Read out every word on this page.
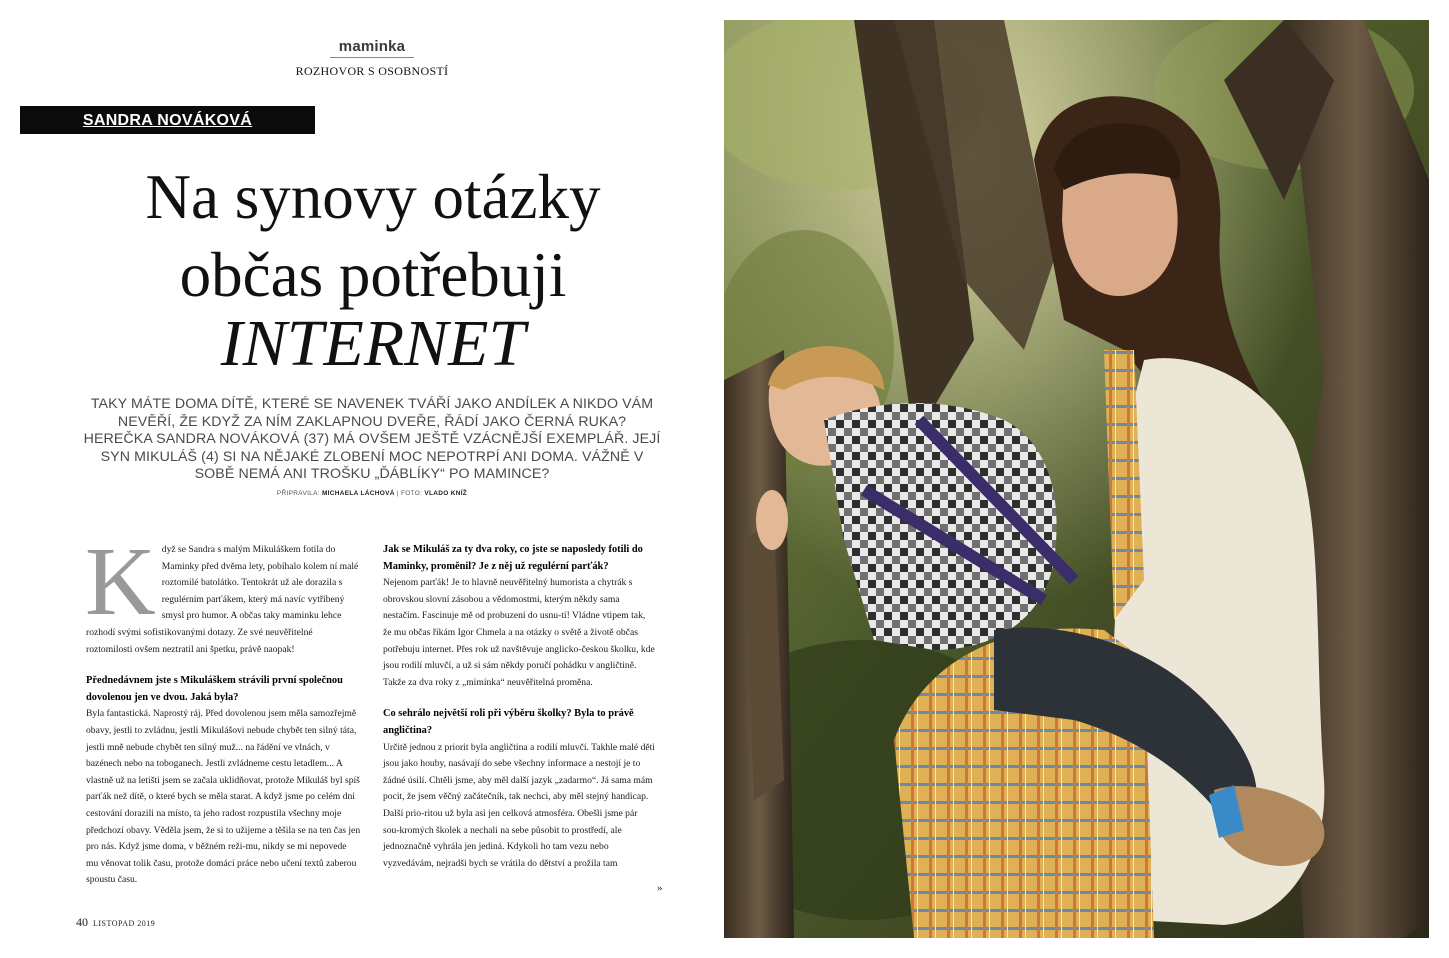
maminka
ROZHOVOR S OSOBNOSTÍ
SANDRA NOVÁKOVÁ
Na synovy otázky
občas potřebuji
INTERNET
TAKY MÁTE DOMA DÍTĚ, KTERÉ SE NAVENEK TVÁŘÍ JAKO ANDÍLEK A NIKDO VÁM NEVĚŘÍ, ŽE KDYŽ ZA NÍM ZAKLAPNOU DVEŘE, ŘÁDÍ JAKO ČERNÁ RUKA? HEREČKA SANDRA NOVÁKOVÁ (37) MÁ OVŠEM JEŠTĚ VZÁCNĚJŠÍ EXEMPLÁŘ. JEJÍ SYN MIKULÁŠ (4) SI NA NĚJAKÉ ZLOBENÍ MOC NEPOTRPÍ ANI DOMA. VÁŽNĚ V SOBĚ NEMÁ ANI TROŠKU „ĎÁBLÍKY“ PO MAMINCE?
PŘIPRAVILA: MICHAELA LÁCHOVÁ | FOTO: VLADO KNÍŽ

Když se Sandra s malým Mikuláškem fotila do Maminky před dvěma lety, pobíhalo kolem ní malé roztomilé batolátko. Tentokrát už ale dorazila s regulérním parťákem, který má navíc vytříbený smysl pro humor. A občas taky maminku lehce rozhodí svými sofistikovanými dotazy. Ze své neuvěřitelné roztomilosti ovšem neztratil ani špetku, právě naopak!

Přednedávnem jste s Mikuláškem strávili první společnou dovolenou jen ve dvou. Jaká byla?

Byla fantastická. Naprostý ráj. Před dovolenou jsem měla samozřejmě obavy, jestli to zvládnu, jestli Mikulášovi nebude chybět ten silný táta, jestli mně nebude chybět ten silný muž... na řádění ve vlnách, v bazénech nebo na toboganech. Jestli zvládneme cestu letadlem... A vlastně už na letišti jsem se začala uklidňovat, protože Mikuláš byl spíš parťák než dítě, o které bych se měla starat. A když jsme po celém dni cestování dorazili na místo, ta jeho radost rozpustila všechny moje předchozí obavy. Věděla jsem, že si to užijeme a těšila se na ten čas jen pro nás. Když jsme doma, v běžném reži-mu, nikdy se mi nepovede mu věnovat tolik času, protože domácí práce nebo učení textů zaberou spoustu času.

Jak se Mikuláš za ty dva roky, co jste se naposledy fotili do Maminky, proměnil? Je z něj už regulérní parťák?

Nejenom parťák! Je to hlavně neuvěřitelný humorista a chytrák s obrovskou slovní zásobou a vědomostmi, kterým někdy sama nestačím. Fascinuje mě od probuzení do usnu-tí! Vládne vtipem tak, že mu občas říkám Igor Chmela a na otázky o světě a životě občas potřebuju internet. Přes rok už navštěvuje anglicko-českou školku, kde jsou rodilí mluvčí, a už si sám někdy poručí pohádku v angličtině. Takže za dva roky z „mimínka“ neuvěřitelná proměna.

Co sehrálo největší roli při výběru školky? Byla to právě angličtina?

Určitě jednou z priorit byla angličtina a rodilí mluvčí. Takhle malé děti jsou jako houby, nasávají do sebe všechny informace a nestojí je to žádné úsilí. Chtěli jsme, aby měl další jazyk „zadarmo“. Já sama mám pocit, že jsem věčný začátečník, tak nechci, aby měl stejný handicap. Další prio-ritou už byla asi jen celková atmosféra. Obešli jsme pár sou-kromých školek a nechali na sebe působit to prostředí, ale jednoznačně vyhrála jen jediná. Kdykoli ho tam vezu nebo vyzvedávám, nejradši bych se vrátila do dětství a prožila tam

»
40 LISTOPAD 2019
